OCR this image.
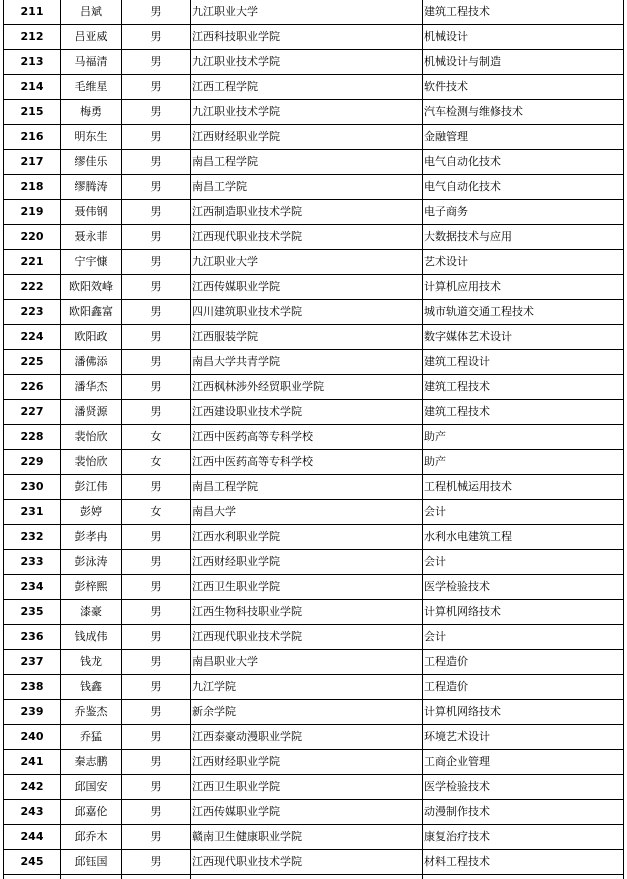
211	吕斌	男	九江职业大学	建筑工程技术
212	吕亚威	男	江西科技职业学院	机械设计
213	马福清	男	九江职业技术学院	机械设计与制造
214	毛维星	男	江西工程学院	软件技术
215	梅勇	男	九江职业技术学院	汽车检测与维修技术
216	明东生	男	江西财经职业学院	金融管理
217	缪佳乐	男	南昌工程学院	电气自动化技术
218	缪腾涛	男	南昌工学院	电气自动化技术
219	聂伟钢	男	江西制造职业技术学院	电子商务
220	聂永菲	男	江西现代职业技术学院	大数据技术与应用
221	宁宇慷	男	九江职业大学	艺术设计
222	欧阳效峰	男	江西传媒职业学院	计算机应用技术
223	欧阳鑫富	男	四川建筑职业技术学院	城市轨道交通工程技术
224	欧阳政	男	江西服装学院	数字媒体艺术设计
225	潘佛添	男	南昌大学共青学院	建筑工程设计
226	潘华杰	男	江西枫林涉外经贸职业学院	建筑工程技术
227	潘贤源	男	江西建设职业技术学院	建筑工程技术
228	裴怡欣	女	江西中医药高等专科学校	助产
229	裴怡欣	女	江西中医药高等专科学校	助产
230	彭江伟	男	南昌工程学院	工程机械运用技术
231	彭婷	女	南昌大学	会计
232	彭孝冉	男	江西水利职业学院	水利水电建筑工程
233	彭泳涛	男	江西财经职业学院	会计
234	彭梓熙	男	江西卫生职业学院	医学检验技术
235	漆豪	男	江西生物科技职业学院	计算机网络技术
236	钱成伟	男	江西现代职业技术学院	会计
237	钱龙	男	南昌职业大学	工程造价
238	钱鑫	男	九江学院	工程造价
239	乔鉴杰	男	新余学院	计算机网络技术
240	乔猛	男	江西泰豪动漫职业学院	环境艺术设计
241	秦志鹏	男	江西财经职业学院	工商企业管理
242	邱国安	男	江西卫生职业学院	医学检验技术
243	邱嘉伦	男	江西传媒职业学院	动漫制作技术
244	邱乔木	男	赣南卫生健康职业学院	康复治疗技术
245	邱钰国	男	江西现代职业技术学院	材料工程技术
